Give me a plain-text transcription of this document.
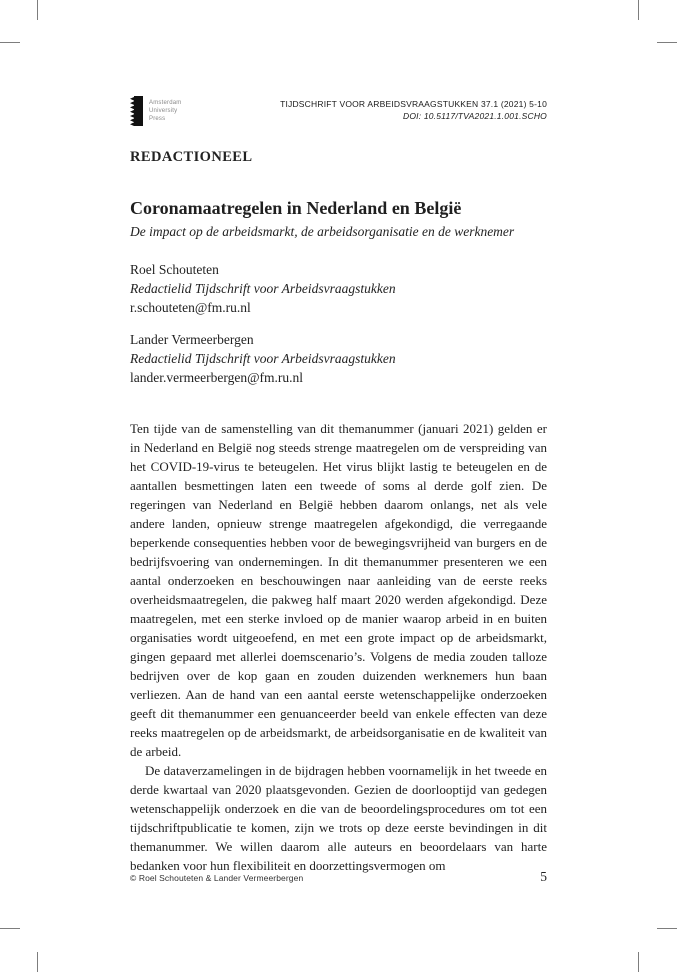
Amsterdam
University
Press
TIJDSCHRIFT VOOR ARBEIDSVRAAGSTUKKEN 37.1 (2021) 5-10
DOI: 10.5117/TVA2021.1.001.SCHO
REDACTIONEEL
Coronamaatregelen in Nederland en België
De impact op de arbeidsmarkt, de arbeidsorganisatie en de werknemer
Roel Schouteten
Redactielid Tijdschrift voor Arbeidsvraagstukken
r.schouteten@fm.ru.nl
Lander Vermeerbergen
Redactielid Tijdschrift voor Arbeidsvraagstukken
lander.vermeerbergen@fm.ru.nl

Ten tijde van de samenstelling van dit themanummer (januari 2021) gelden er in Nederland en België nog steeds strenge maatregelen om de verspreiding van het COVID-19-virus te beteugelen. Het virus blijkt lastig te beteugelen en de aantallen besmettingen laten een tweede of soms al derde golf zien. De regeringen van Nederland en België hebben daarom onlangs, net als vele andere landen, opnieuw strenge maatregelen afgekondigd, die verregaande beperkende consequenties hebben voor de bewegingsvrijheid van burgers en de bedrijfsvoering van ondernemingen. In dit themanummer presenteren we een aantal onderzoeken en beschouwingen naar aanleiding van de eerste reeks overheidsmaatregelen, die pakweg half maart 2020 werden afgekondigd. Deze maatregelen, met een sterke invloed op de manier waarop arbeid in en buiten organisaties wordt uitgeoefend, en met een grote impact op de arbeidsmarkt, gingen gepaard met allerlei doemscenario’s. Volgens de media zouden talloze bedrijven over de kop gaan en zouden duizenden werknemers hun baan verliezen. Aan de hand van een aantal eerste wetenschappelijke onderzoeken geeft dit themanummer een genuanceerder beeld van enkele effecten van deze reeks maatregelen op de arbeidsmarkt, de arbeidsorganisatie en de kwaliteit van de arbeid.

De dataverzamelingen in de bijdragen hebben voornamelijk in het tweede en derde kwartaal van 2020 plaatsgevonden. Gezien de doorlooptijd van gedegen wetenschappelijk onderzoek en die van de beoordelingsprocedures om tot een tijdschriftpublicatie te komen, zijn we trots op deze eerste bevindingen in dit themanummer. We willen daarom alle auteurs en beoordelaars van harte bedanken voor hun flexibiliteit en doorzettingsvermogen om

© Roel Schouteten & Lander Vermeerbergen	5
